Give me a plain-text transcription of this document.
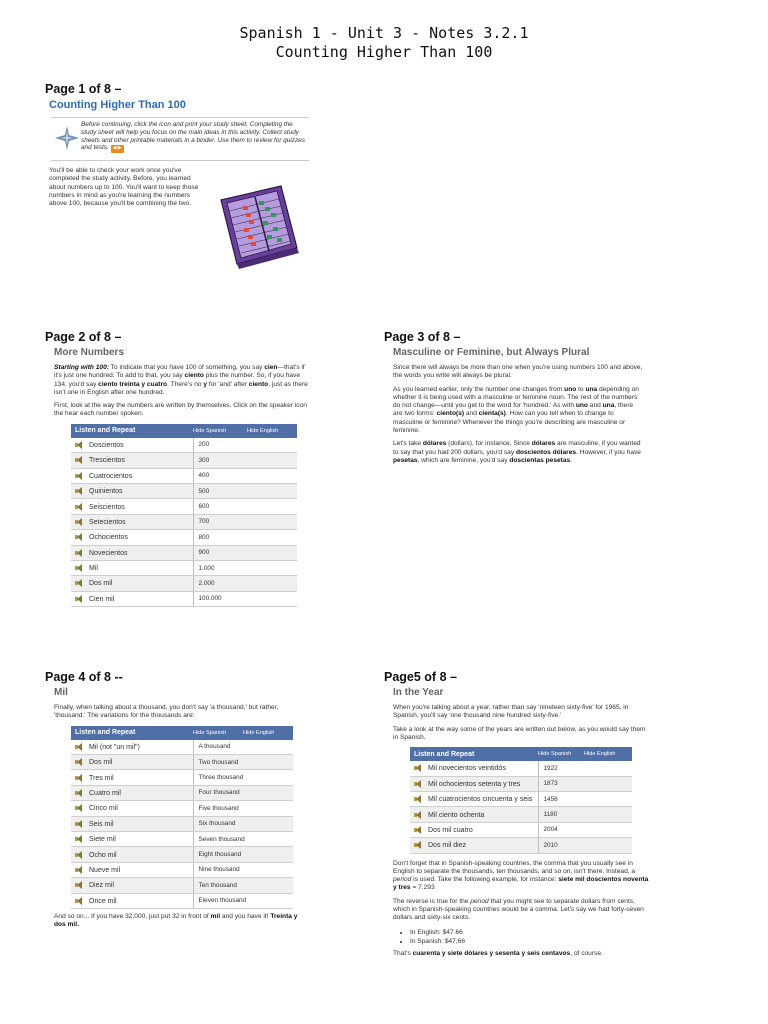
Spanish 1 - Unit 3 - Notes 3.2.1
Counting Higher Than 100
Page 1 of 8 –
Counting Higher Than 100
Before continuing, click the icon and print your study sheet. Completing the study sheet will help you focus on the main ideas in this activity. Collect study sheets and other printable materials in a binder. Use them to review for quizzes and tests. ◀ ▶
You'll be able to check your work once you've completed the study activity. Before, you learned about numbers up to 100. You'll want to keep those numbers in mind as you're learning the numbers above 100, because you'll be combining the two.
Page 2 of 8 –
More Numbers
Starting with 100: To indicate that you have 100 of something, you say cien—that's if it's just one hundred. To add to that, you say ciento plus the number. So, if you have 134, you'd say ciento treinta y cuatro. There's no y for 'and' after ciento, just as there isn't one in English after one hundred.
First, look at the way the numbers are written by themselves. Click on the speaker icon the hear each number spoken.
Listen and Repeat	Hide Spanish	Hide English
Doscientos	200	
Trescientos	300	
Cuatrocientos	400	
Quinientos	500	
Seiscientos	600	
Setecientos	700	
Ochocientos	800	
Novecientos	900	
Mil	1.000	
Dos mil	2.000	
Cien mil	100.000	
Page 3 of 8 –
Masculine or Feminine, but Always Plural
Since there will always be more than one when you're using numbers 100 and above, the words you write will always be plural.
As you learned earlier, only the number one changes from uno to una depending on whether it is being used with a masculine or feminine noun. The rest of the numbers do not change—until you get to the word for 'hundred.' As with uno and una, there are two forms: ciento(s) and cienta(s). How can you tell when to change to masculine or feminine? Whenever the things you're describing are masculine or feminine.
Let's take dólares (dollars), for instance. Since dólares are masculine, if you wanted to say that you had 200 dollars, you'd say doscientos dólares. However, if you have pesetas, which are feminine, you'd say doscientas pesetas.
Page 4 of 8 --
Mil
Finally, when talking about a thousand, you don't say 'a thousand,' but rather, 'thousand.' The variations for the thousands are:
Listen and Repeat	Hide Spanish	Hide English
Mil (not "un mil")	A thousand	
Dos mil	Two thousand	
Tres mil	Three thousand	
Cuatro mil	Four thousand	
Cinco mil	Five thousand	
Seis mil	Six thousand	
Siete mil	Seven thousand	
Ocho mil	Eight thousand	
Nueve mil	Nine thousand	
Diez mil	Ten thousand	
Once mil	Eleven thousand	
And so on... If you have 32,000, just put 32 in front of mil and you have it! Treinta y dos mil.
Page5 of 8 –
In the Year
When you're talking about a year, rather than say 'nineteen sixty-five' for 1965, in Spanish, you'll say 'one thousand nine hundred sixty-five.'
Take a look at the way some of the years are written out below, as you would say them in Spanish.
Listen and Repeat	Hide Spanish	Hide English
Mil novecientos veintidós	1922	
Mil ochocientos setenta y tres	1873	
Mil cuatrocientos cincuenta y seis	1456	
Mil ciento ochenta	1180	
Dos mil cuatro	2004	
Dos mil diez	2010	
Don't forget that in Spanish-speaking countries, the comma that you usually see in English to separate the thousands, ten thousands, and so on, isn't there. Instead, a period is used. Take the following example, for instance: siete mil doscientos noventa y tres = 7.293
The reverse is true for the period that you might see to separate dollars from cents, which in Spanish-speaking countries would be a comma. Let's say we had forty-seven dollars and sixty-six cents.
• In English: $47.66
• In Spanish: $47,66
That's cuarenta y siete dólares y sesenta y seis centavos, of course.
